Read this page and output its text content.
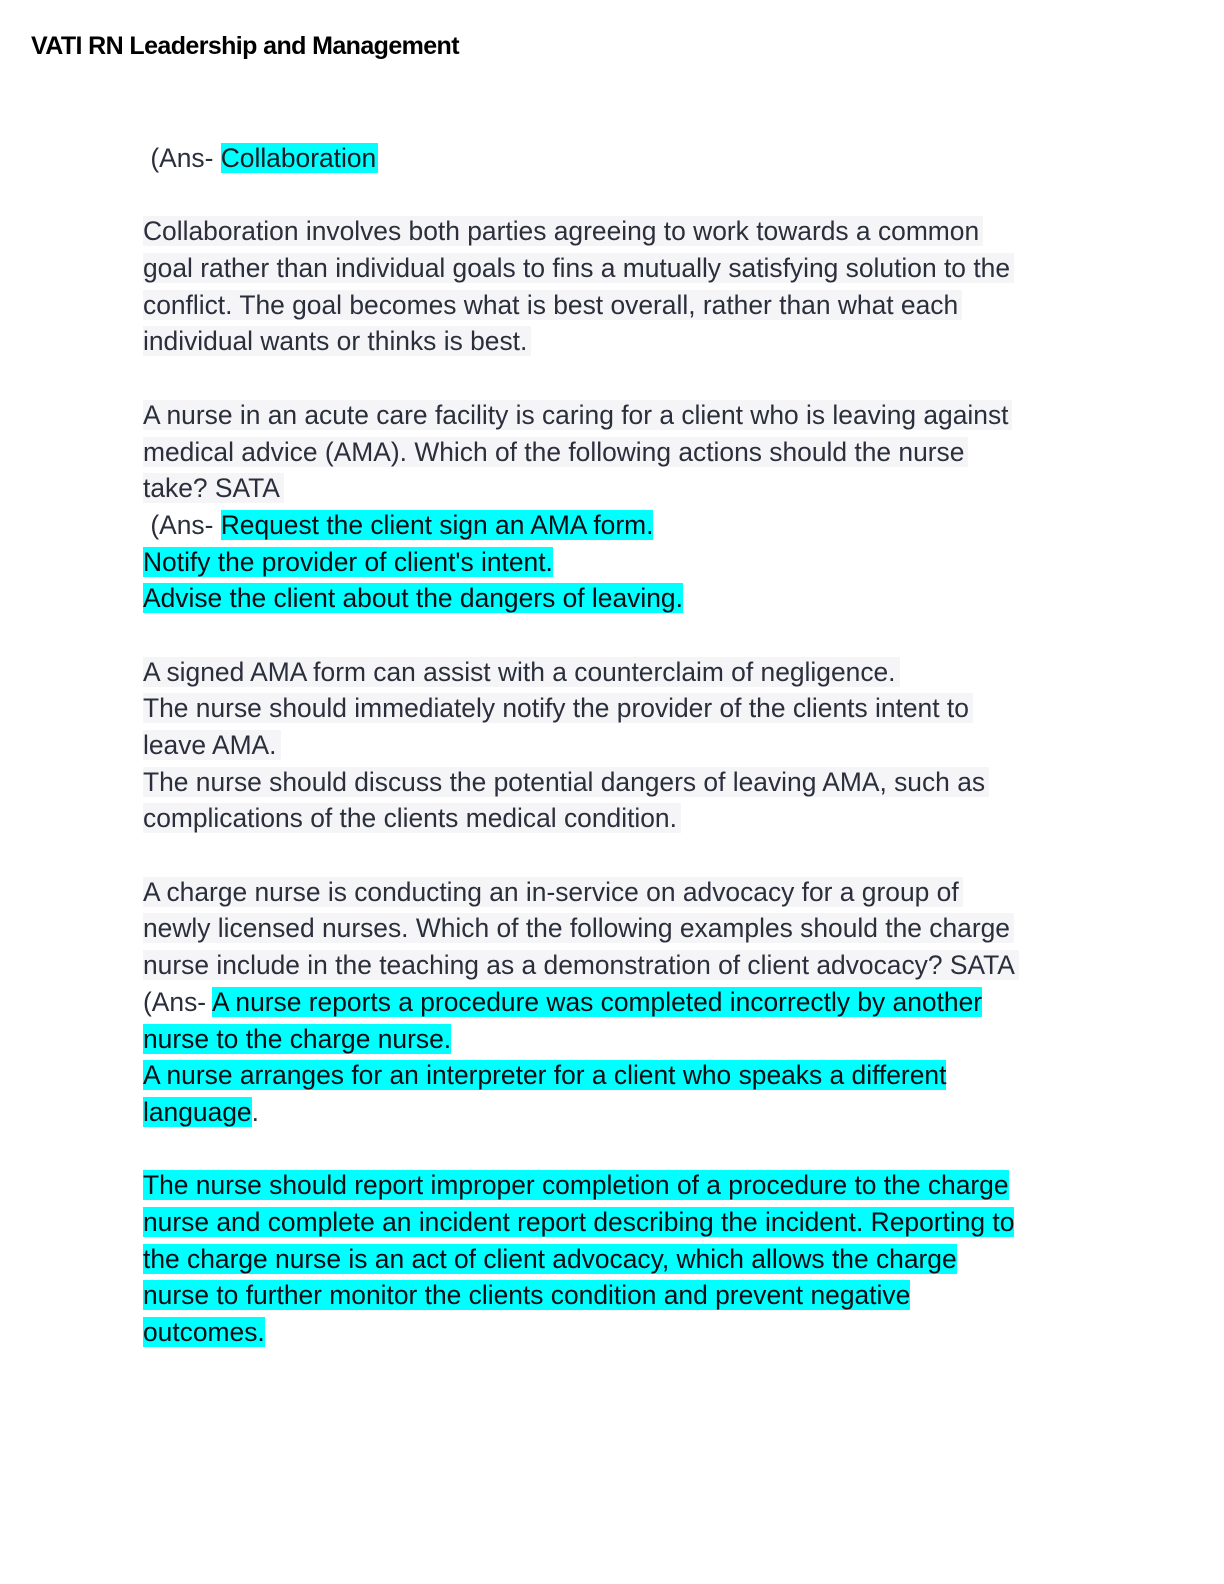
VATI RN Leadership and Management
(Ans- Collaboration
Collaboration involves both parties agreeing to work towards a common
goal rather than individual goals to fins a mutually satisfying solution to the
conflict. The goal becomes what is best overall, rather than what each
individual wants or thinks is best.
A nurse in an acute care facility is caring for a client who is leaving against
medical advice (AMA). Which of the following actions should the nurse
take? SATA
(Ans- Request the client sign an AMA form.
Notify the provider of client's intent.
Advise the client about the dangers of leaving.
A signed AMA form can assist with a counterclaim of negligence.
The nurse should immediately notify the provider of the clients intent to
leave AMA.
The nurse should discuss the potential dangers of leaving AMA, such as
complications of the clients medical condition.
A charge nurse is conducting an in-service on advocacy for a group of
newly licensed nurses. Which of the following examples should the charge
nurse include in the teaching as a demonstration of client advocacy? SATA
(Ans- A nurse reports a procedure was completed incorrectly by another
nurse to the charge nurse.
A nurse arranges for an interpreter for a client who speaks a different
language.
The nurse should report improper completion of a procedure to the charge
nurse and complete an incident report describing the incident. Reporting to
the charge nurse is an act of client advocacy, which allows the charge
nurse to further monitor the clients condition and prevent negative
outcomes.
